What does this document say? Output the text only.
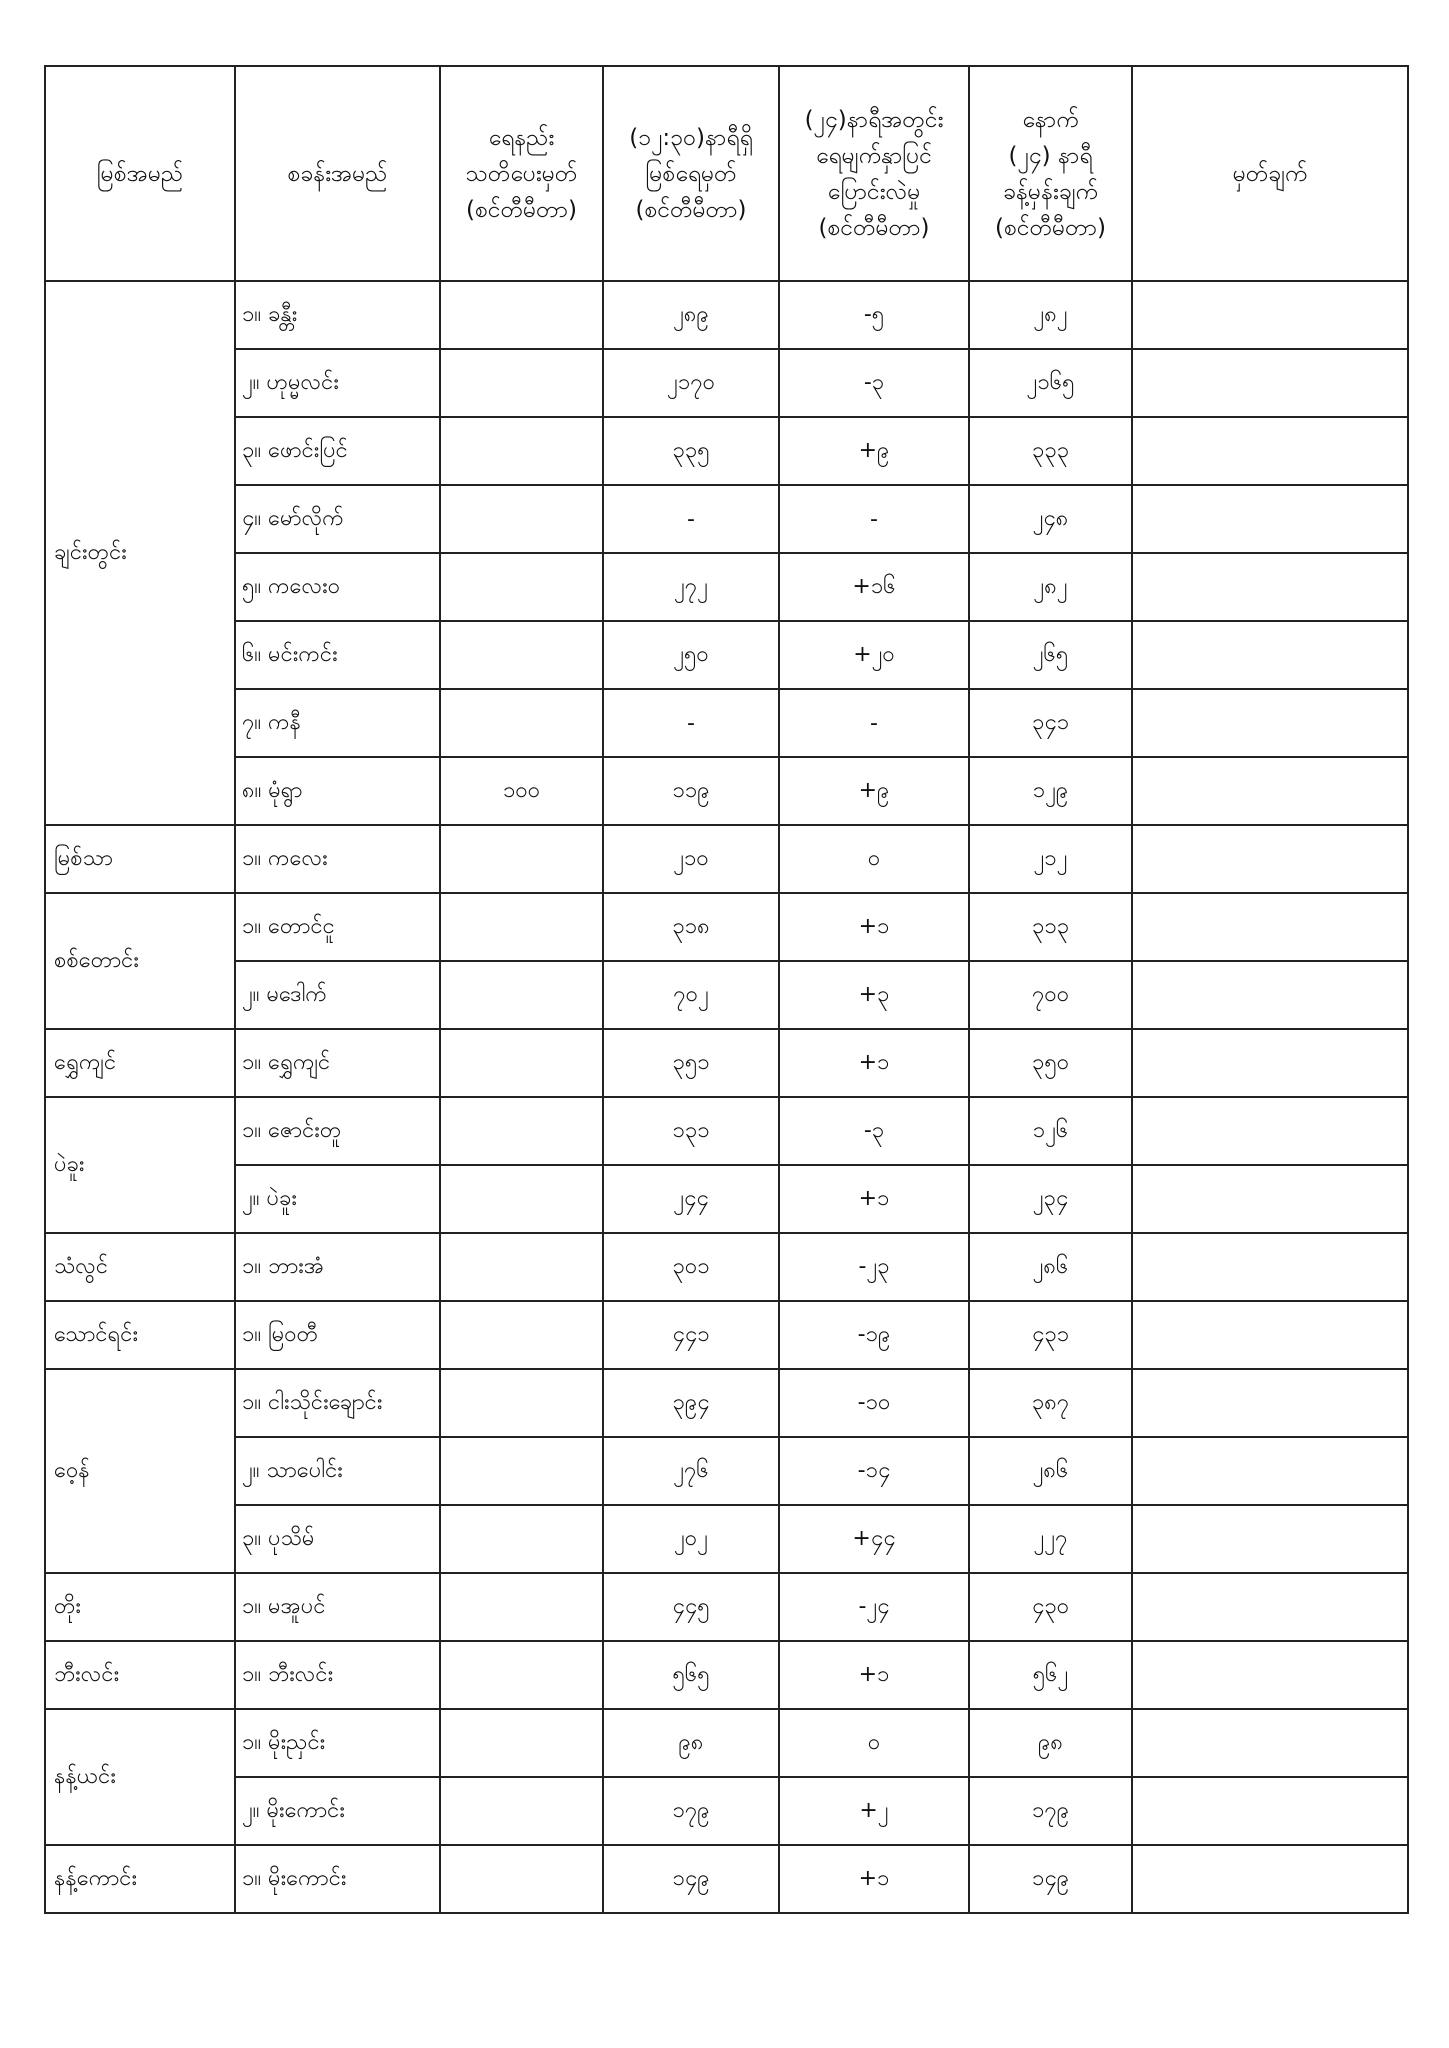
မြစ်အမည်	စခန်းအမည်	ရေနည်း
သတိပေးမှတ်
(စင်တီမီတာ)	(၁၂:၃၀)နာရီရှိ
မြစ်ရေမှတ်
(စင်တီမီတာ)	(၂၄)နာရီအတွင်း
ရေမျက်နှာပြင်
ပြောင်းလဲမှု
(စင်တီမီတာ)	နောက်
(၂၄) နာရီ
ခန့်မှန်းချက်
(စင်တီမီတာ)	မှတ်ချက်
ချင်းတွင်း	၁။ ခန္တီး		၂၈၉	-၅	၂၈၂	
	၂။ ဟုမ္မလင်း		၂၁၇၀	-၃	၂၁၆၅	
	၃။ ဖောင်းပြင်		၃၃၅	+၉	၃၃၃	
	၄။ မော်လိုက်		-	-	၂၄၈	
	၅။ ကလေးဝ		၂၇၂	+၁၆	၂၈၂	
	၆။ မင်းကင်း		၂၅၀	+၂၀	၂၆၅	
	၇။ ကနီ		-	-	၃၄၁	
	၈။ မုံရွာ	၁၀၀	၁၁၉	+၉	၁၂၉	
မြစ်သာ	၁။ ကလေး		၂၁၀	၀	၂၁၂	
စစ်တောင်း	၁။ တောင်ငူ		၃၁၈	+၁	၃၁၃	
	၂။ မဒေါက်		၇၀၂	+၃	၇၀၀	
ရွှေကျင်	၁။ ရွှေကျင်		၃၅၁	+၁	၃၅၀	
ပဲခူး	၁။ ဇောင်းတူ		၁၃၁	-၃	၁၂၆	
	၂။ ပဲခူး		၂၄၄	+၁	၂၃၄	
သံလွင်	၁။ ဘားအံ		၃၀၁	-၂၃	၂၈၆	
သောင်ရင်း	၁။ မြဝတီ		၄၄၁	-၁၉	၄၃၁	
ဝေ့န်	၁။ ငါးသိုင်းချောင်း		၃၉၄	-၁၀	၃၈၇	
	၂။ သာပေါင်း		၂၇၆	-၁၄	၂၈၆	
	၃။ ပုသိမ်		၂၀၂	+၄၄	၂၂၇	
တိုး	၁။ မအူပင်		၄၄၅	-၂၄	၄၃၀	
ဘီးလင်း	၁။ ဘီးလင်း		၅၆၅	+၁	၅၆၂	
နန့်ယင်း	၁။ မိုးညှင်း		၉၈	၀	၉၈	
	၂။ မိုးကောင်း		၁၇၉	+၂	၁၇၉	
နန့်ကောင်း	၁။ မိုးကောင်း		၁၄၉	+၁	၁၄၉	
